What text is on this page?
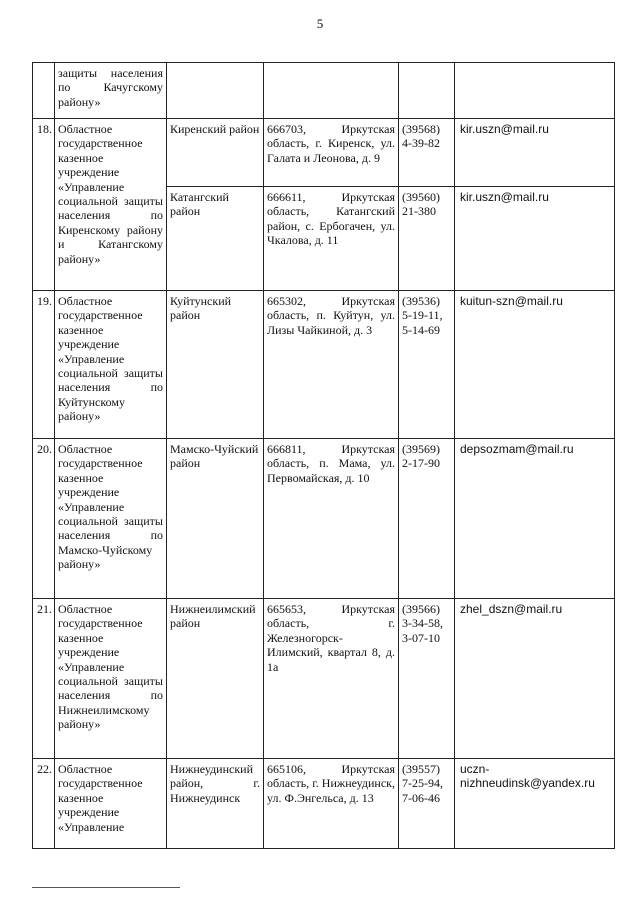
5
	защиты населения по Качугскому району»				
18.	Областное государственное казенное учреждение «Управление социальной защиты населения по Киренскому району и Катангскому району»	Киренский район	666703, Иркутская область, г. Киренск, ул. Галата и Леонова, д. 9	(39568) 4-39-82	kir.uszn@mail.ru
		Катангский район	666611, Иркутская область, Катангский район, с. Ербогачен, ул. Чкалова, д. 11	(39560) 21-380	kir.uszn@mail.ru
19.	Областное государственное казенное учреждение «Управление социальной защиты населения по Куйтунскому району»	Куйтунский район	665302, Иркутская область, п. Куйтун, ул. Лизы Чайкиной, д. 3	(39536) 5-19-11, 5-14-69	kuitun-szn@mail.ru
20.	Областное государственное казенное учреждение «Управление социальной защиты населения по Мамско-Чуйскому району»	Мамско-Чуйский район	666811, Иркутская область, п. Мама, ул. Первомайская, д. 10	(39569) 2-17-90	depsozmam@mail.ru
21.	Областное государственное казенное учреждение «Управление социальной защиты населения по Нижнеилимскому району»	Нижнеилимский район	665653, Иркутская область, г. Железногорск-Илимский, квартал 8, д. 1а	(39566) 3-34-58, 3-07-10	zhel_dszn@mail.ru
22.	Областное государственное казенное учреждение «Управление	Нижнеудинский район, г. Нижнеудинск	665106, Иркутская область, г. Нижнеудинск, ул. Ф.Энгельса, д. 13	(39557) 7-25-94, 7-06-46	uczn-nizhneudinsk@yandex.ru
